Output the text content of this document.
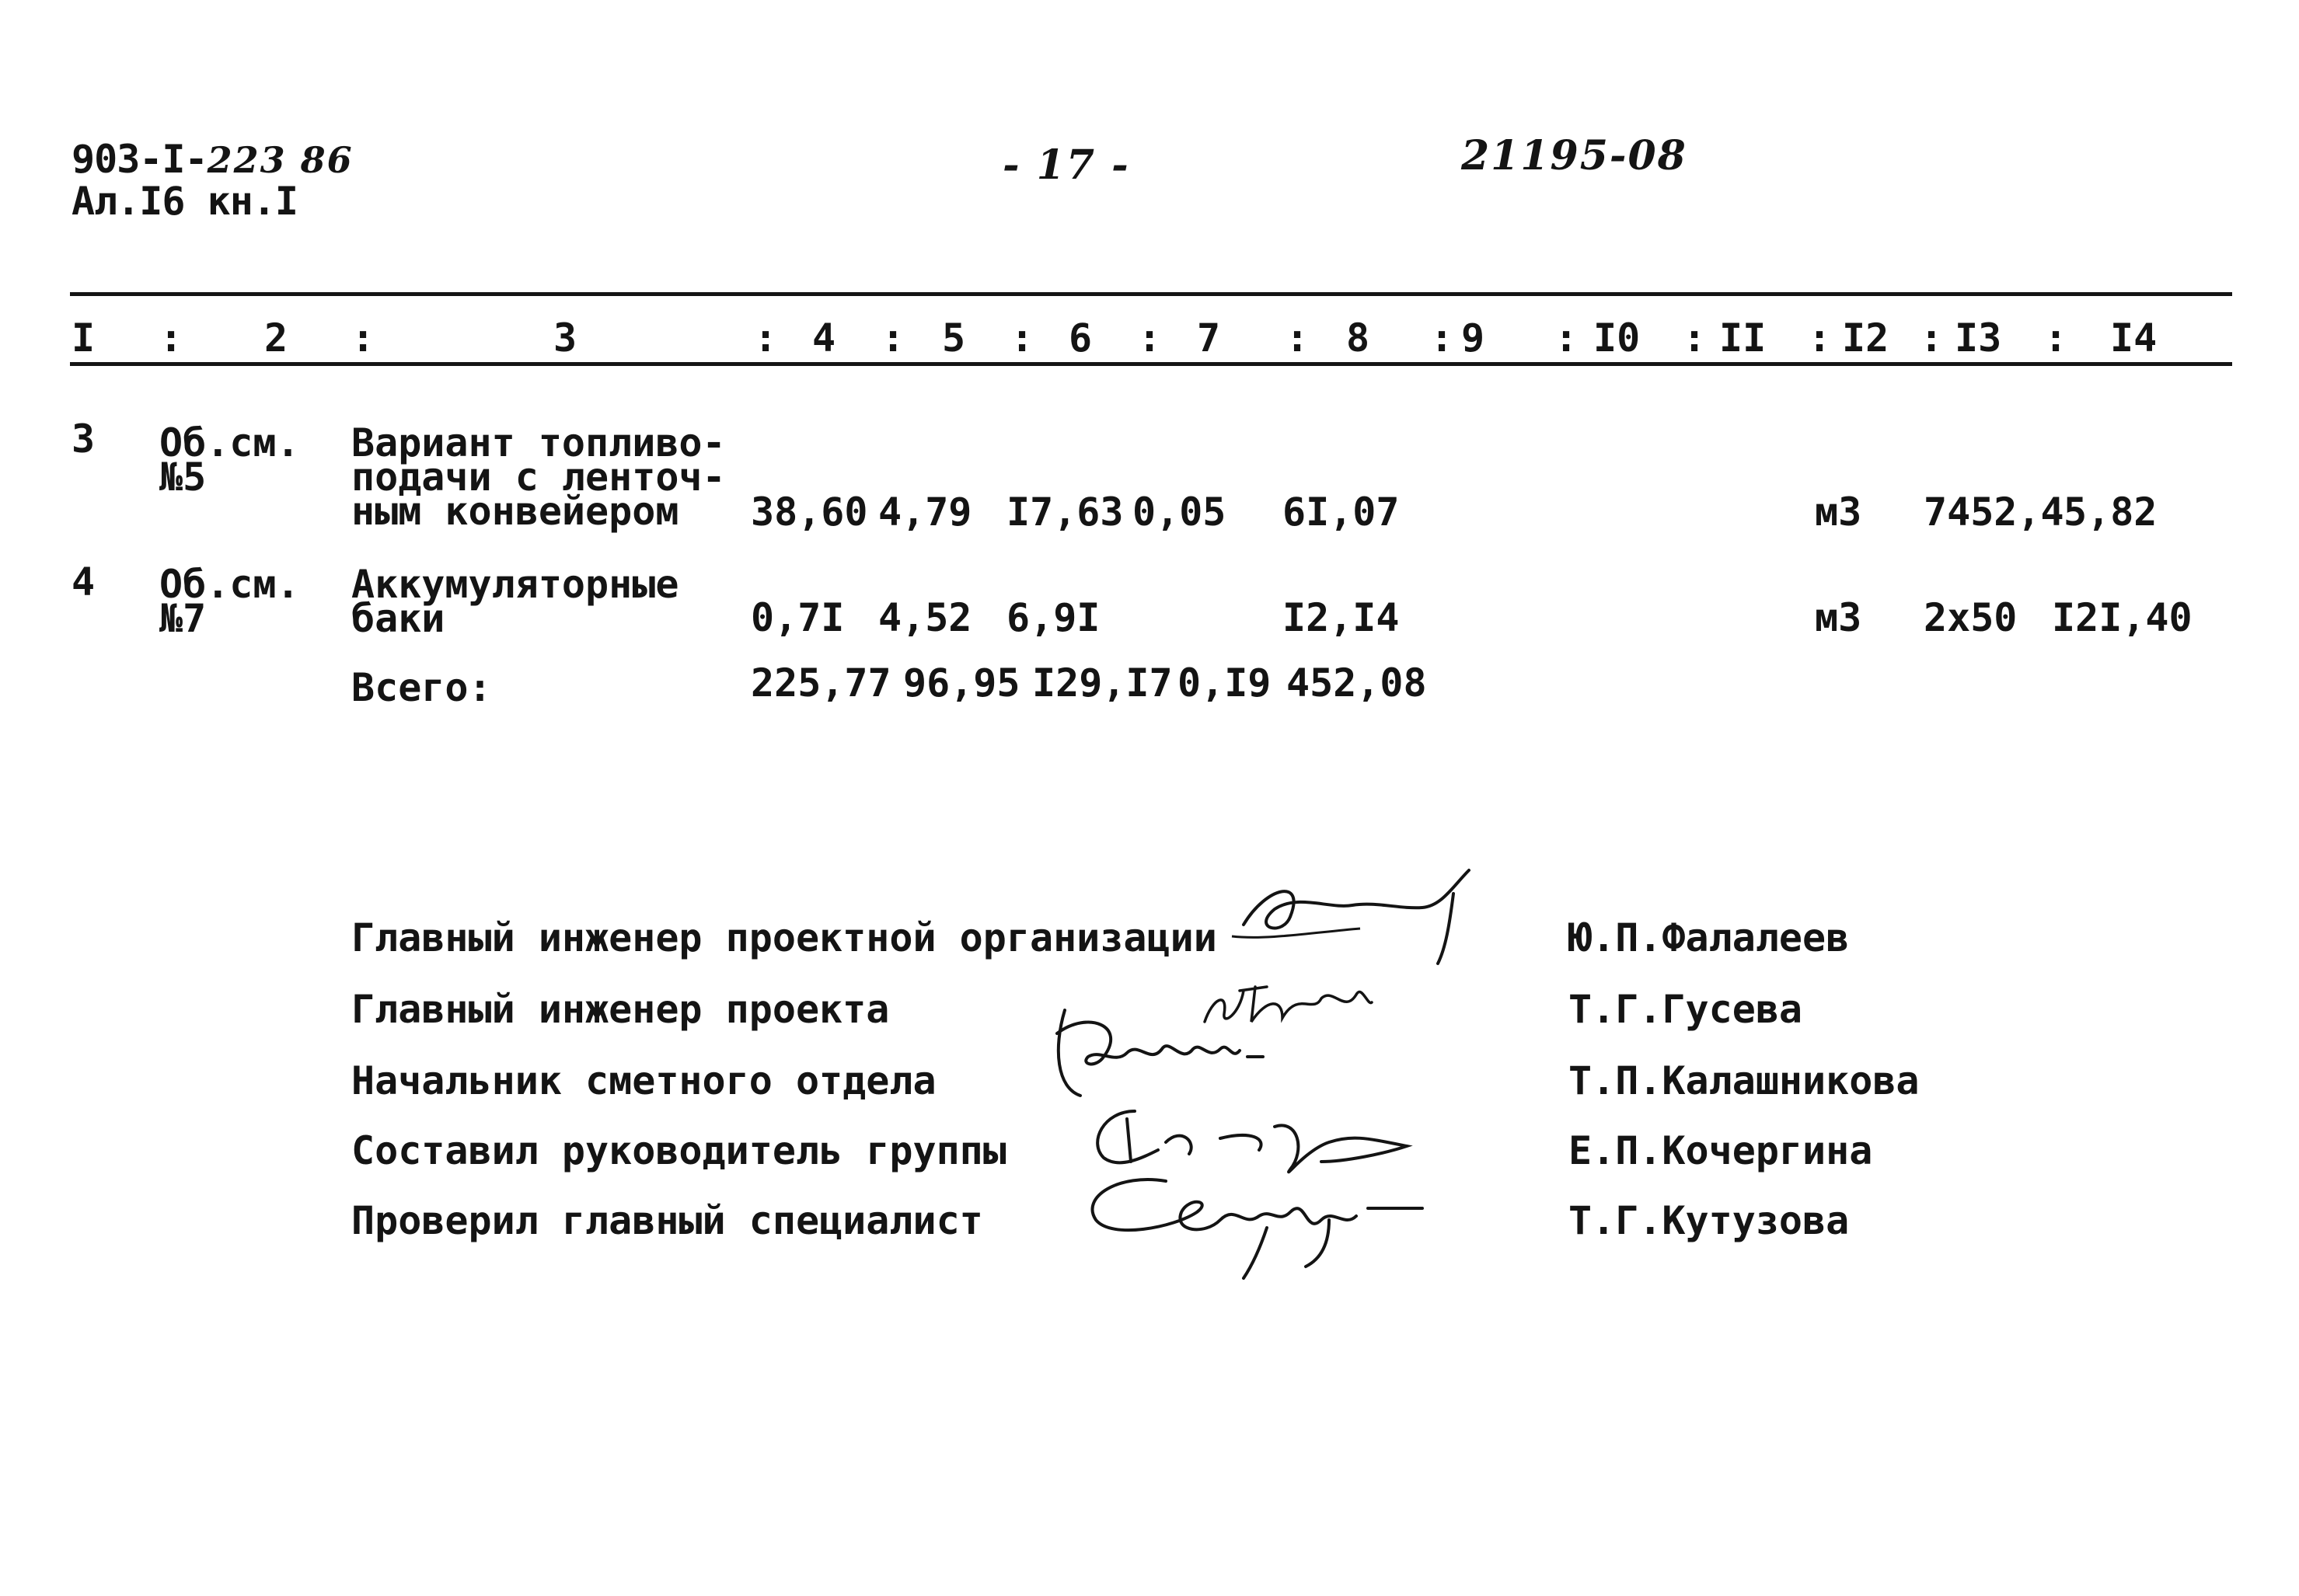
903-I-223 86
Ал.I6 кн.I
- 17 -	21195-08
I : 2 :	3	: 4 : 5 : 6 : 7 : 8 : 9 : I0 : II : I2 : I3 : I4
3 Об.см.
№5
Вариант топливо-
подачи с ленточ-
ным конвейером	38,60 4,79 I7,63 0,05 6I,07	м3 7452,4 5,82
4 Об.см.
№7
Аккумуляторные
баки	0,7I 4,52 6,9I	I2,I4	м3 2x50 I2I,40
Всего:	225,77 96,95 I29,I7 0,I9 452,08
Главный инженер проектной организации	Ю.П.Фалалеев
Главный инженер проекта	Т.Г.Гусева
Начальник сметного отдела	Т.П.Калашникова
Составил руководитель группы	Е.П.Кочергина
Проверил главный специалист	Т.Г.Кутузова
